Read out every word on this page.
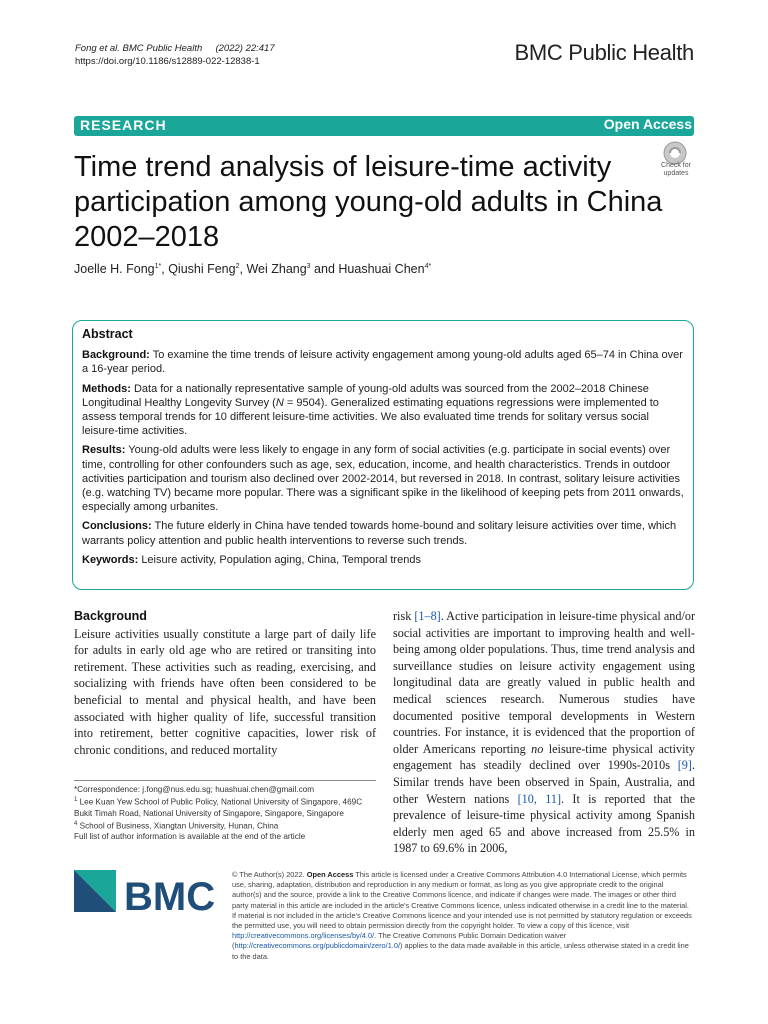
Fong et al. BMC Public Health (2022) 22:417
https://doi.org/10.1186/s12889-022-12838-1	BMC Public Health
RESEARCH	Open Access
Time trend analysis of leisure-time activity participation among young-old adults in China 2002–2018
Check for updates
Joelle H. Fong$^{1*}$, Qiushi Feng$^2$, Wei Zhang$^3$ and Huashuai Chen$^{4*}$
Abstract

Background: To examine the time trends of leisure activity engagement among young-old adults aged 65–74 in China over a 16-year period.

Methods: Data for a nationally representative sample of young-old adults was sourced from the 2002–2018 Chinese Longitudinal Healthy Longevity Survey (N = 9504). Generalized estimating equations regressions were implemented to assess temporal trends for 10 different leisure-time activities. We also evaluated time trends for solitary versus social leisure-time activities.

Results: Young-old adults were less likely to engage in any form of social activities (e.g. participate in social events) over time, controlling for other confounders such as age, sex, education, income, and health characteristics. Trends in outdoor activities participation and tourism also declined over 2002-2014, but reversed in 2018. In contrast, solitary leisure activities (e.g. watching TV) became more popular. There was a significant spike in the likelihood of keeping pets from 2011 onwards, especially among urbanites.

Conclusions: The future elderly in China have tended towards home-bound and solitary leisure activities over time, which warrants policy attention and public health interventions to reverse such trends.

Keywords: Leisure activity, Population aging, China, Temporal trends

Background

Leisure activities usually constitute a large part of daily life for adults in early old age who are retired or transiting into retirement. These activities such as reading, exercising, and socializing with friends have often been considered to be beneficial to mental and physical health, and have been associated with higher quality of life, successful transition into retirement, better cognitive capacities, lower risk of chronic conditions, and reduced mortality

risk [1–8]. Active participation in leisure-time physical and/or social activities are important to improving health and well-being among older populations. Thus, time trend analysis and surveillance studies on leisure activity engagement using longitudinal data are greatly valued in public health and medical sciences research. Numerous studies have documented positive temporal developments in Western countries. For instance, it is evidenced that the proportion of older Americans reporting no leisure-time physical activity engagement has steadily declined over 1990s-2010s [9]. Similar trends have been observed in Spain, Australia, and other Western nations [10, 11]. It is reported that the prevalence of leisure-time physical activity among Spanish elderly men aged 65 and above increased from 25.5% in 1987 to 69.6% in 2006,

*Correspondence: j.fong@nus.edu.sg; huashuai.chen@gmail.com

$^1$ Lee Kuan Yew School of Public Policy, National University of Singapore, 469C Bukit Timah Road, National University of Singapore, Singapore, Singapore

$^4$ School of Business, Xiangtan University, Hunan, China

Full list of author information is available at the end of the article

BMC
© The Author(s) 2022. Open Access This article is licensed under a Creative Commons Attribution 4.0 International License, which permits use, sharing, adaptation, distribution and reproduction in any medium or format, as long as you give appropriate credit to the original author(s) and the source, provide a link to the Creative Commons licence, and indicate if changes were made. The images or other third party material in this article are included in the article's Creative Commons licence, unless indicated otherwise in a credit line to the material. If material is not included in the article's Creative Commons licence and your intended use is not permitted by statutory regulation or exceeds the permitted use, you will need to obtain permission directly from the copyright holder. To view a copy of this licence, visit http://creativecommons.org/licenses/by/4.0/. The Creative Commons Public Domain Dedication waiver (http://creativecommons.org/publicdomain/zero/1.0/) applies to the data made available in this article, unless otherwise stated in a credit line to the data.
